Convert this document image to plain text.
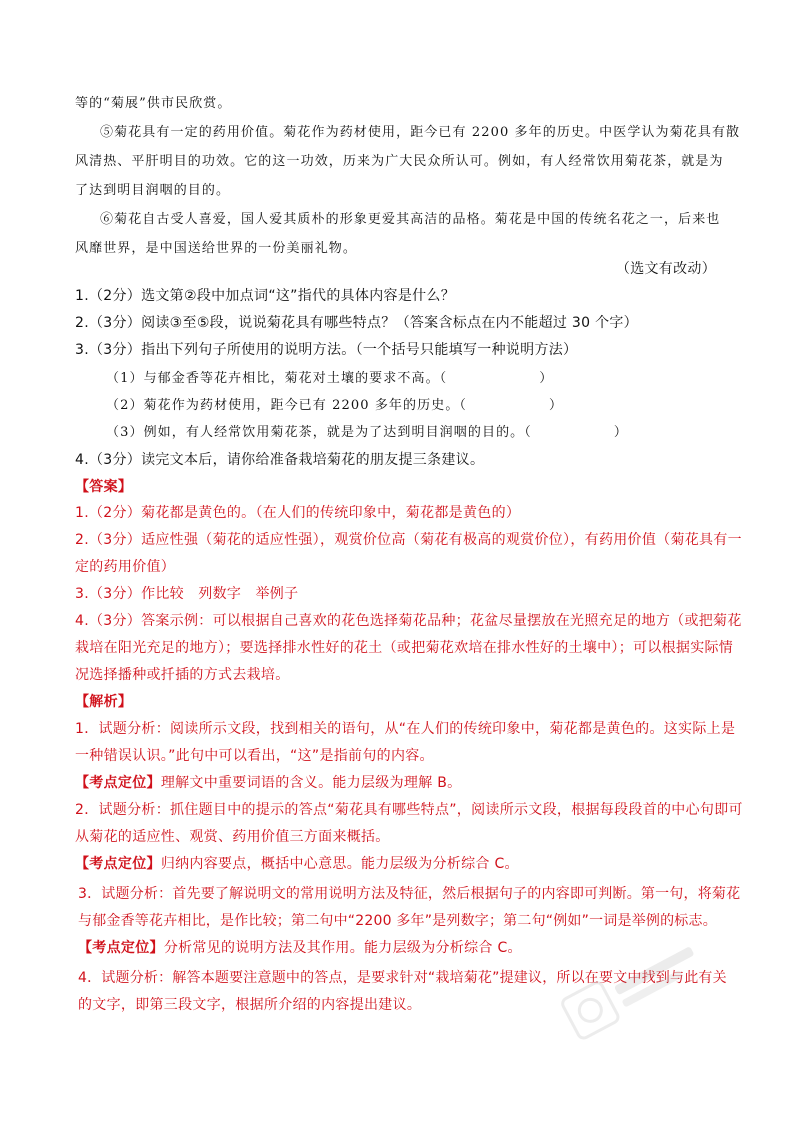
等的“菊展”供市民欣赏。
⑤菊花具有一定的药用价值。菊花作为药材使用，距今已有 2200 多年的历史。中医学认为菊花具有散
风清热、平肝明目的功效。它的这一功效，历来为广大民众所认可。例如，有人经常饮用菊花茶，就是为
了达到明目润咽的目的。
⑥菊花自古受人喜爱，国人爱其质朴的形象更爱其高洁的品格。菊花是中国的传统名花之一，后来也
风靡世界，是中国送给世界的一份美丽礼物。
（选文有改动）
1.（2分）选文第②段中加点词“这”指代的具体内容是什么？
2.（3分）阅读③至⑤段，说说菊花具有哪些特点？（答案含标点在内不能超过 30 个字）
3.（3分）指出下列句子所使用的说明方法。（一个括号只能填写一种说明方法）
（1）与郁金香等花卉相比，菊花对土壤的要求不高。（	）
（2）菊花作为药材使用，距今已有 2200 多年的历史。（	）
（3）例如，有人经常饮用菊花茶，就是为了达到明目润咽的目的。（	）
4.（3分）读完文本后，请你给准备栽培菊花的朋友提三条建议。
【答案】
1.（2分）菊花都是黄色的。（在人们的传统印象中，菊花都是黄色的）
2.（3分）适应性强（菊花的适应性强），观赏价位高（菊花有极高的观赏价位），有药用价值（菊花具有一
定的药用价值）
3.（3分）作比较　列数字　举例子
4.（3分）答案示例：可以根据自己喜欢的花色选择菊花品种；花盆尽量摆放在光照充足的地方（或把菊花
栽培在阳光充足的地方）；要选择排水性好的花土（或把菊花欢培在排水性好的土壤中）；可以根据实际情
况选择播种或扦插的方式去栽培。
【解析】
1．试题分析：阅读所示文段，找到相关的语句，从“在人们的传统印象中，菊花都是黄色的。这实际上是
一种错误认识。”此句中可以看出，“这”是指前句的内容。
【考点定位】理解文中重要词语的含义。能力层级为理解 B。
2．试题分析：抓住题目中的提示的答点“菊花具有哪些特点”，阅读所示文段，根据每段段首的中心句即可
从菊花的适应性、观赏、药用价值三方面来概括。
【考点定位】归纳内容要点，概括中心意思。能力层级为分析综合 C。
3．试题分析：首先要了解说明文的常用说明方法及特征，然后根据句子的内容即可判断。第一句，将菊花
与郁金香等花卉相比，是作比较；第二句中“2200 多年”是列数字；第二句“例如”一词是举例的标志。
【考点定位】分析常见的说明方法及其作用。能力层级为分析综合 C。
4．试题分析：解答本题要注意题中的答点，是要求针对“栽培菊花”提建议，所以在要文中找到与此有关
的文字，即第三段文字，根据所介绍的内容提出建议。
